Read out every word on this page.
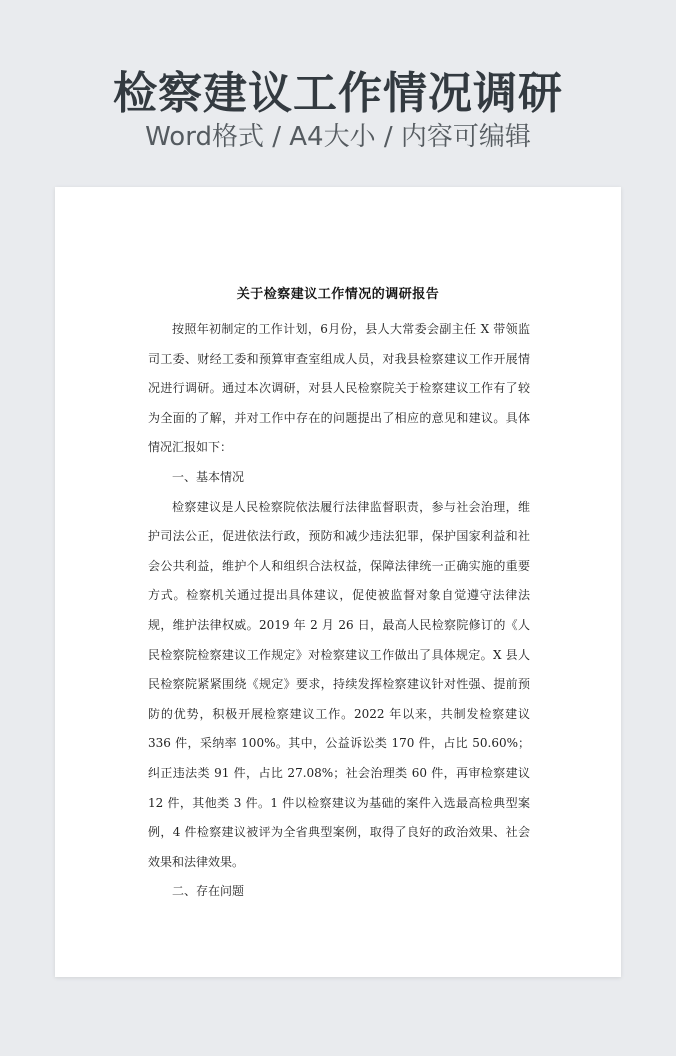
检察建议工作情况调研
Word格式 / A4大小 / 内容可编辑
关于检察建议工作情况的调研报告

按照年初制定的工作计划，6月份，县人大常委会副主任 X 带领监司工委、财经工委和预算审查室组成人员，对我县检察建议工作开展情况进行调研。通过本次调研，对县人民检察院关于检察建议工作有了较为全面的了解，并对工作中存在的问题提出了相应的意见和建议。具体情况汇报如下：

一、基本情况

检察建议是人民检察院依法履行法律监督职责，参与社会治理，维护司法公正，促进依法行政，预防和减少违法犯罪，保护国家利益和社会公共利益，维护个人和组织合法权益，保障法律统一正确实施的重要方式。检察机关通过提出具体建议，促使被监督对象自觉遵守法律法规，维护法律权威。2019 年 2 月 26 日，最高人民检察院修订的《人民检察院检察建议工作规定》对检察建议工作做出了具体规定。X 县人民检察院紧紧围绕《规定》要求，持续发挥检察建议针对性强、提前预防的优势，积极开展检察建议工作。2022 年以来，共制发检察建议 336 件，采纳率 100%。其中，公益诉讼类 170 件，占比 50.60%；纠正违法类 91 件，占比 27.08%；社会治理类 60 件，再审检察建议 12 件，其他类 3 件。1 件以检察建议为基础的案件入选最高检典型案例，4 件检察建议被评为全省典型案例，取得了良好的政治效果、社会效果和法律效果。

二、存在问题
